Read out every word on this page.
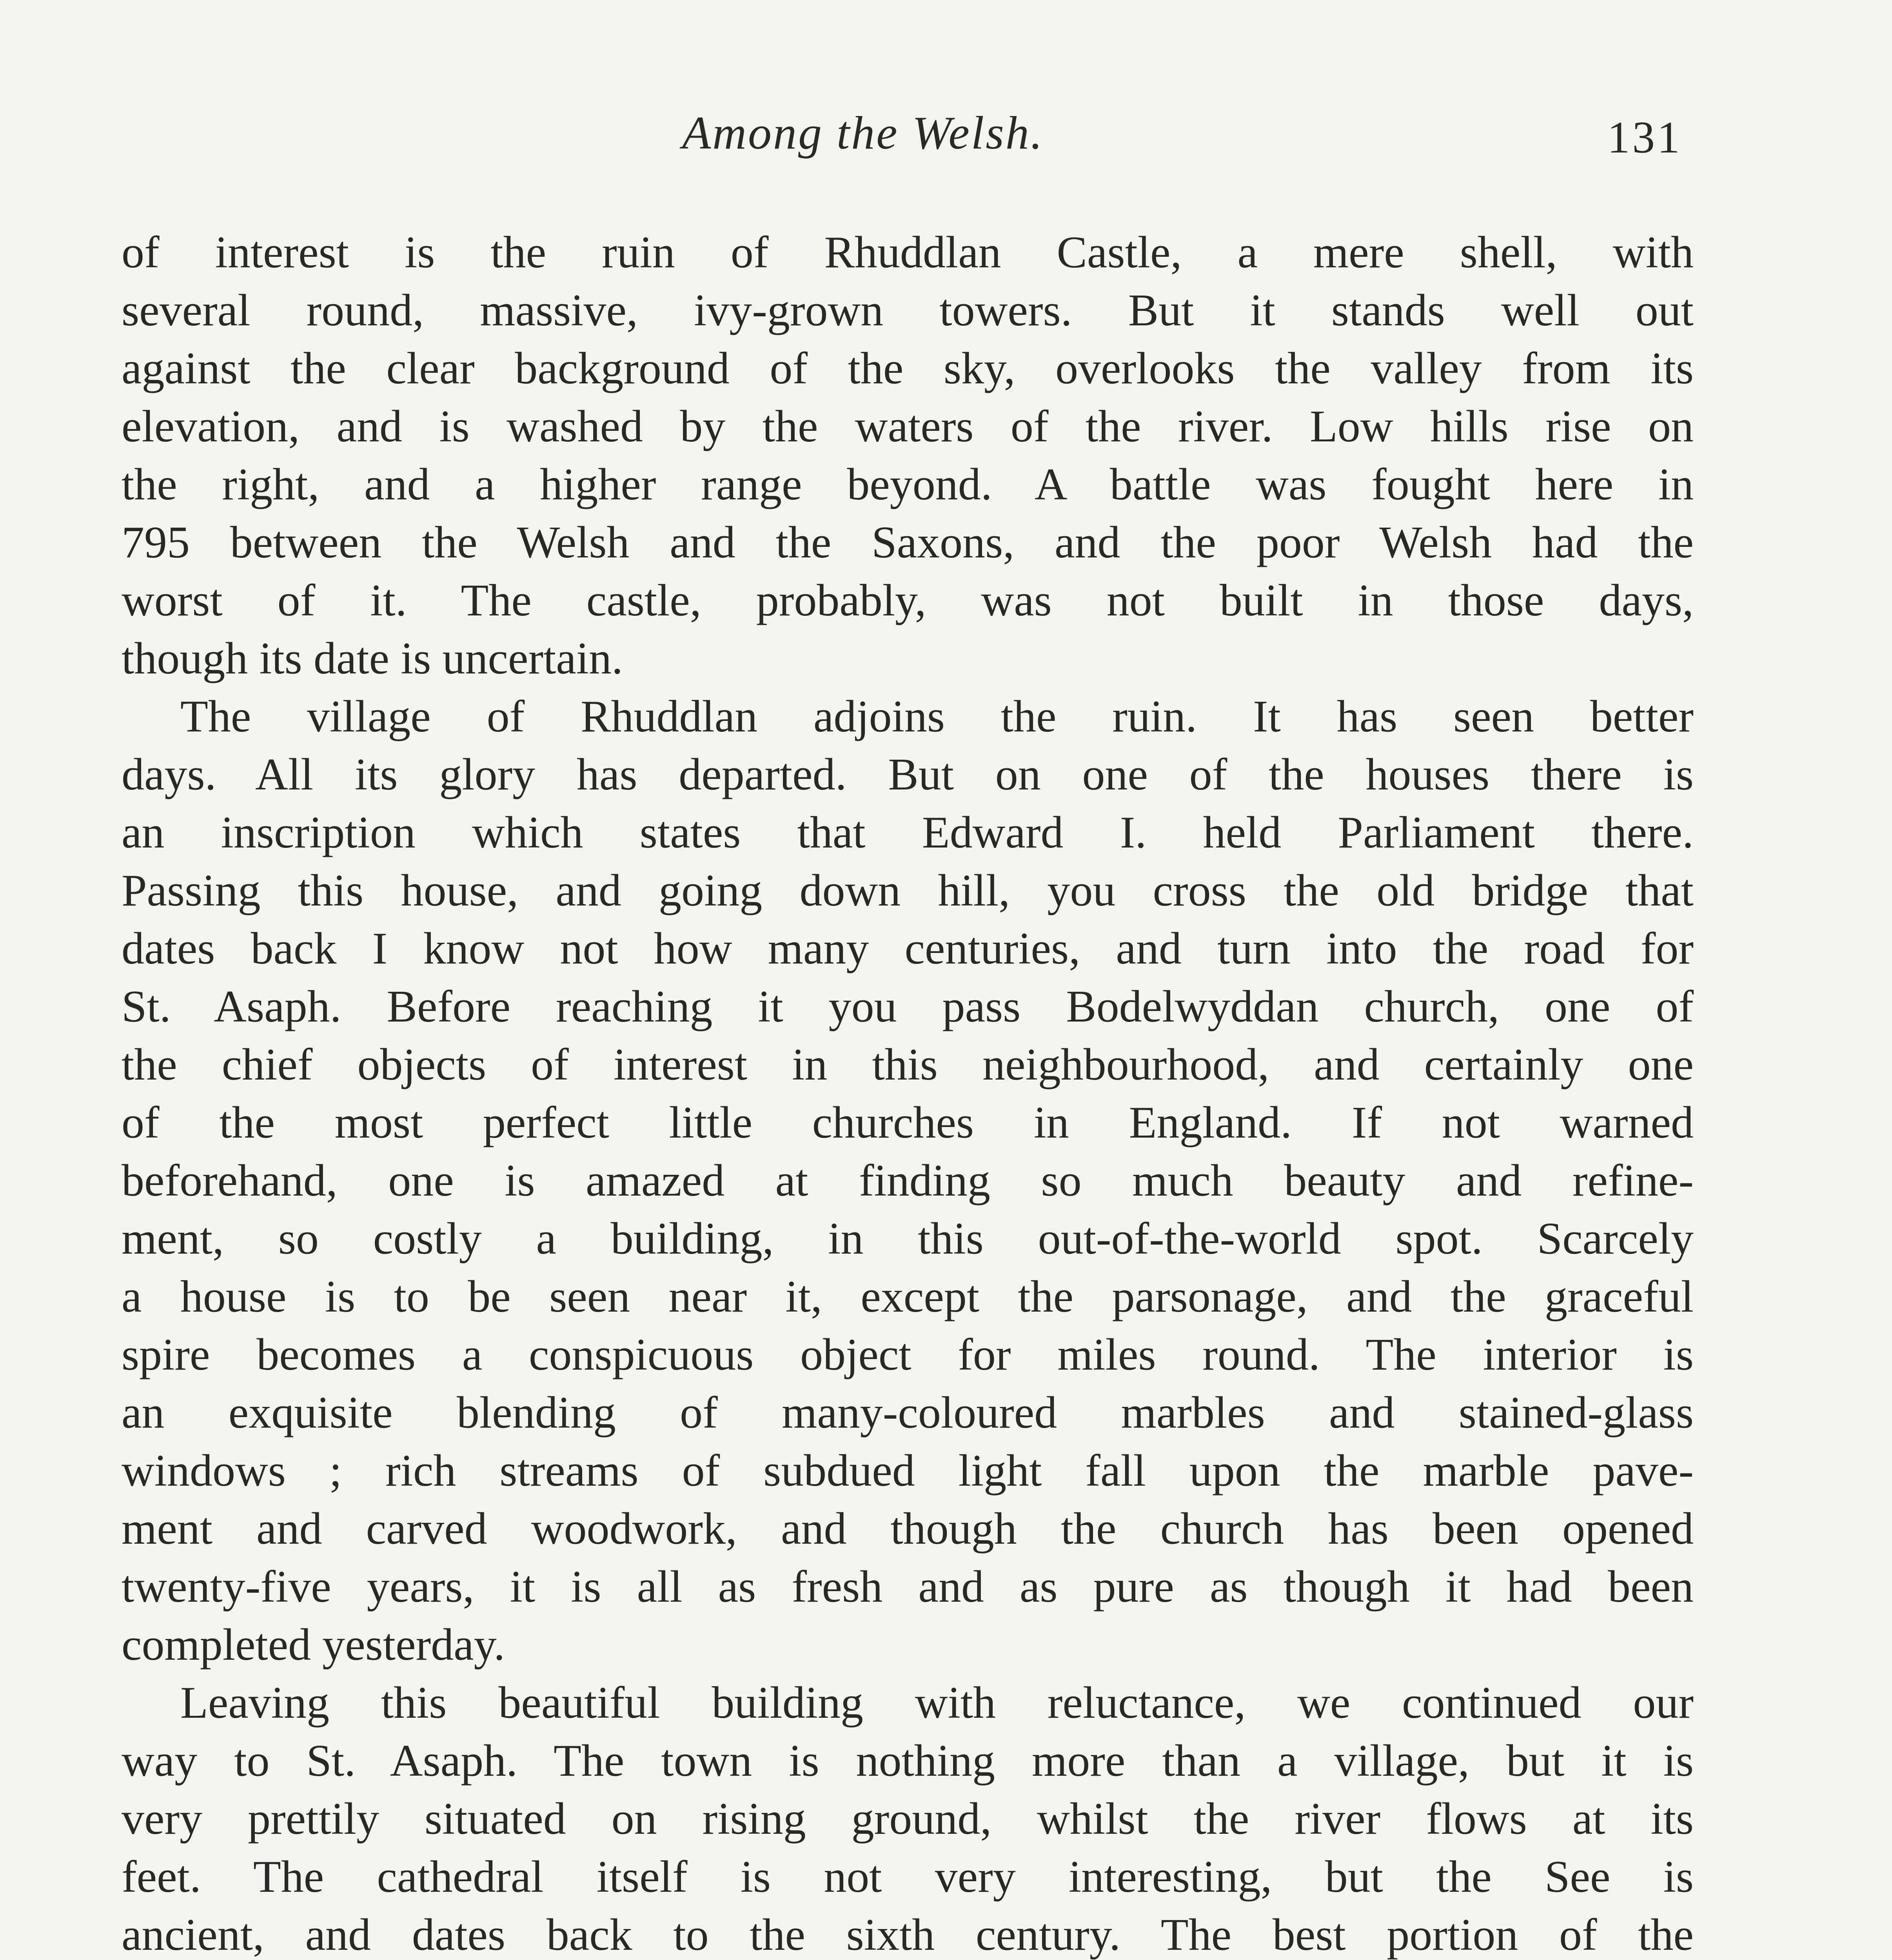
Among the Welsh.	131
of interest is the ruin of Rhuddlan Castle, a mere shell, with
several round, massive, ivy-grown towers. But it stands well out
against the clear background of the sky, overlooks the valley from its
elevation, and is washed by the waters of the river. Low hills rise on
the right, and a higher range beyond. A battle was fought here in
795 between the Welsh and the Saxons, and the poor Welsh had the
worst of it. The castle, probably, was not built in those days,
though its date is uncertain.
The village of Rhuddlan adjoins the ruin. It has seen better
days. All its glory has departed. But on one of the houses there is
an inscription which states that Edward I. held Parliament there.
Passing this house, and going down hill, you cross the old bridge that
dates back I know not how many centuries, and turn into the road for
St. Asaph. Before reaching it you pass Bodelwyddan church, one of
the chief objects of interest in this neighbourhood, and certainly one
of the most perfect little churches in England. If not warned
beforehand, one is amazed at finding so much beauty and refine-
ment, so costly a building, in this out-of-the-world spot. Scarcely
a house is to be seen near it, except the parsonage, and the graceful
spire becomes a conspicuous object for miles round. The interior is
an exquisite blending of many-coloured marbles and stained-glass
windows ; rich streams of subdued light fall upon the marble pave-
ment and carved woodwork, and though the church has been opened
twenty-five years, it is all as fresh and as pure as though it had been
completed yesterday.
Leaving this beautiful building with reluctance, we continued our
way to St. Asaph. The town is nothing more than a village, but it is
very prettily situated on rising ground, whilst the river flows at its
feet. The cathedral itself is not very interesting, but the See is
ancient, and dates back to the sixth century. The best portion of the
